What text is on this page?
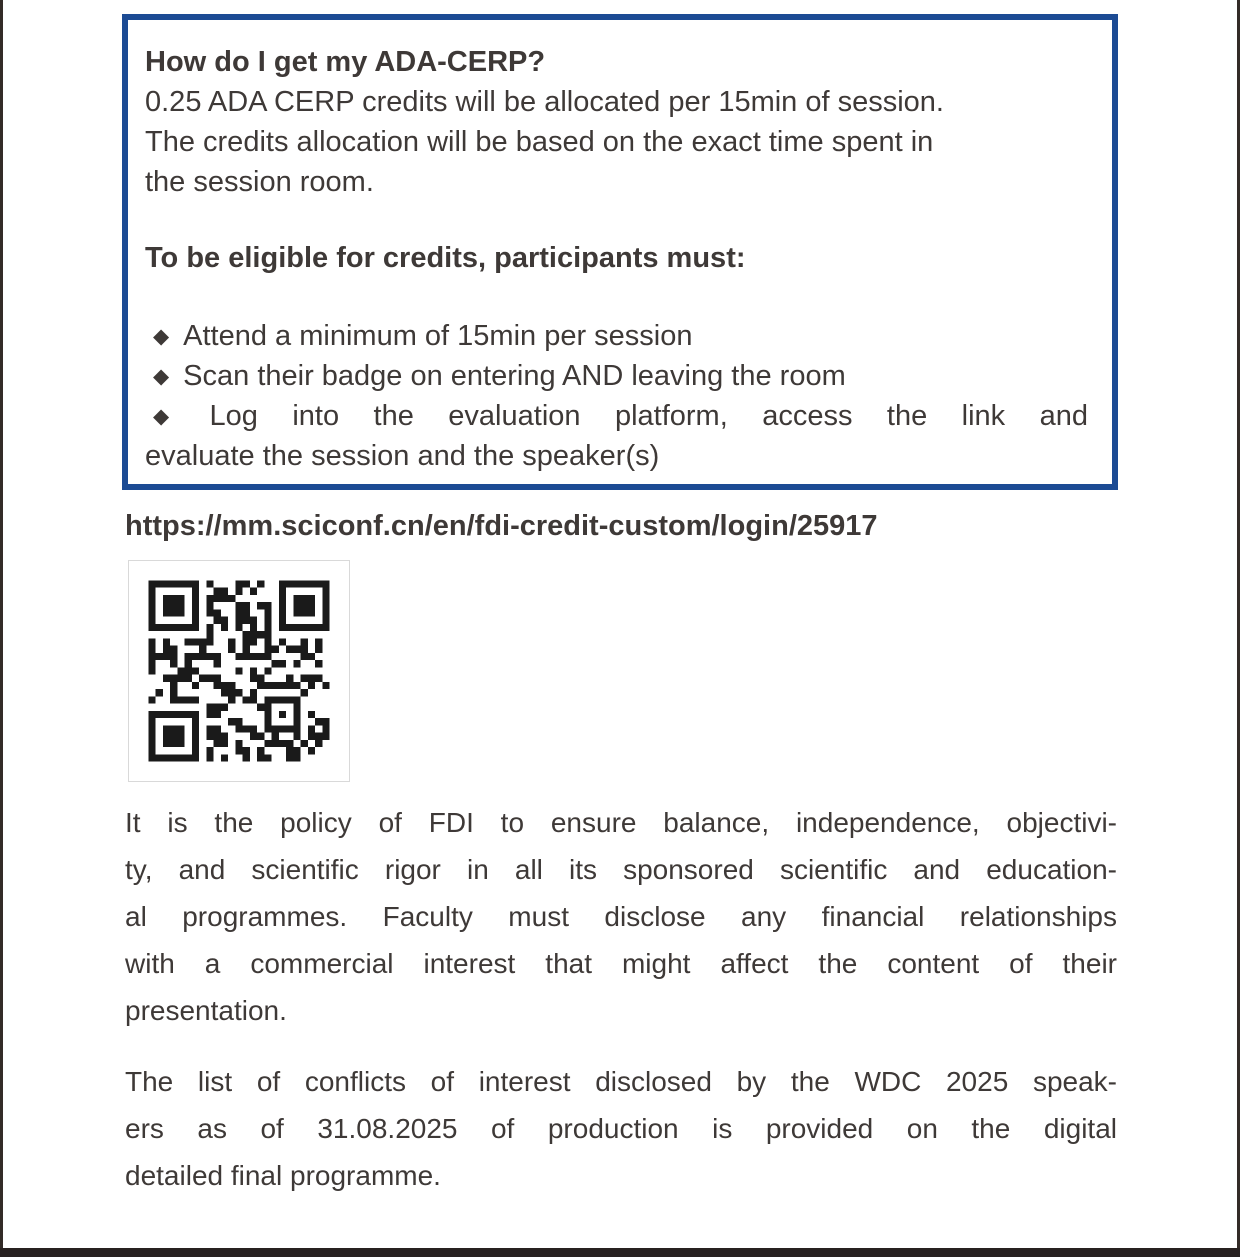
How do I get my ADA-CERP?
0.25 ADA CERP credits will be allocated per 15min of session.
The credits allocation will be based on the exact time spent in
the session room.
To be eligible for credits, participants must:
◆ Attend a minimum of 15min per session
◆ Scan their badge on entering AND leaving the room
◆ Log into the evaluation platform, access the link and
evaluate the session and the speaker(s)
https://mm.sciconf.cn/en/fdi-credit-custom/login/25917
It is the policy of FDI to ensure balance, independence, objectivi-
ty, and scientific rigor in all its sponsored scientific and education-
al programmes. Faculty must disclose any financial relationships
with a commercial interest that might affect the content of their
presentation.
The list of conflicts of interest disclosed by the WDC 2025 speak-
ers as of 31.08.2025 of production is provided on the digital
detailed final programme.
